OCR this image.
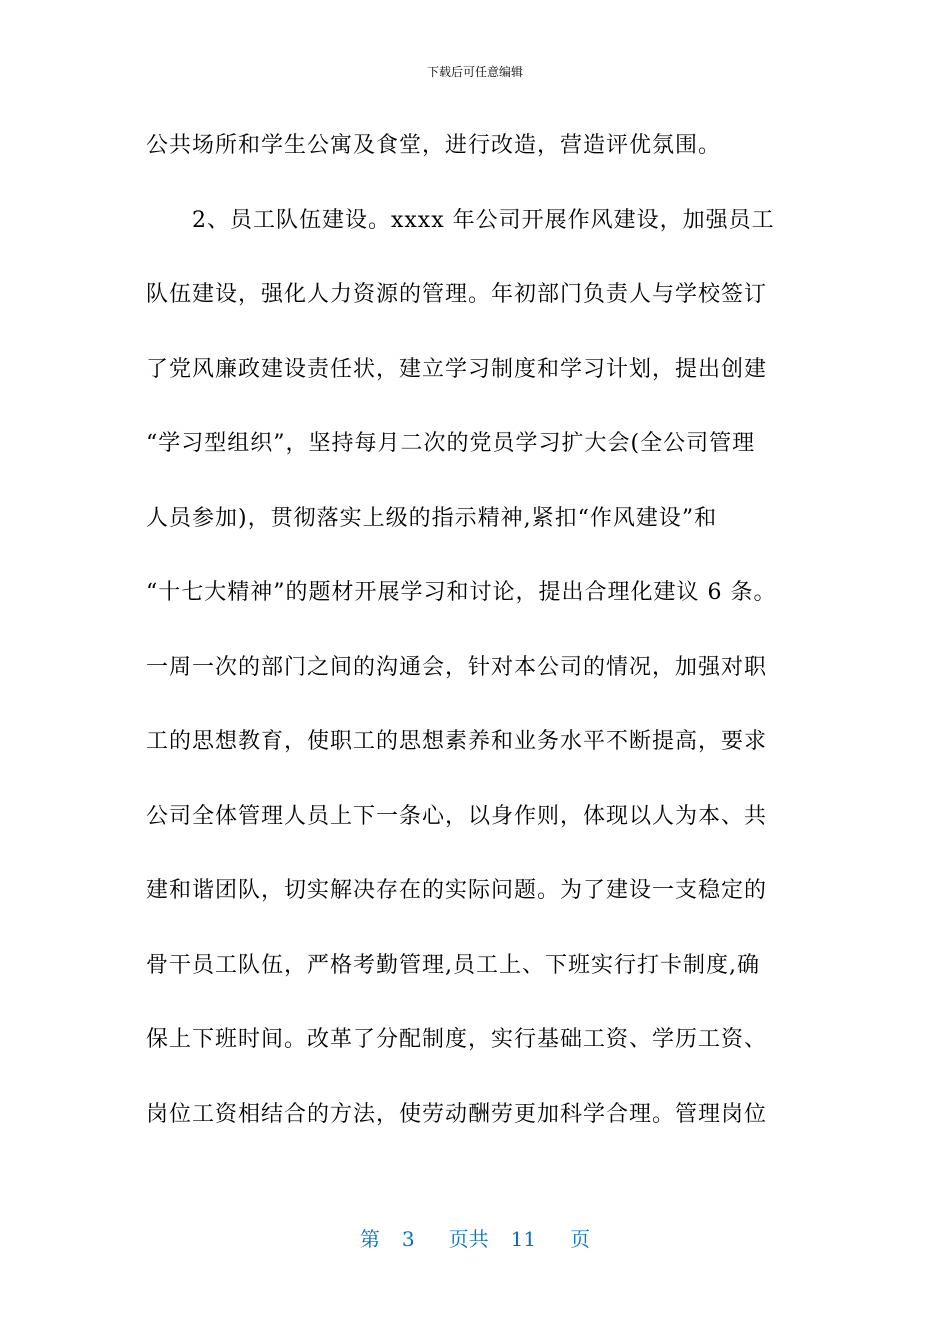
下载后可任意编辑
公共场所和学生公寓及食堂，进行改造，营造评优氛围。
　　2、员工队伍建设。xxxx 年公司开展作风建设，加强员工
队伍建设，强化人力资源的管理。年初部门负责人与学校签订
了党风廉政建设责任状，建立学习制度和学习计划，提出创建
“学习型组织”，坚持每月二次的党员学习扩大会(全公司管理
人员参加)，贯彻落实上级的指示精神,紧扣“作风建设”和
“十七大精神”的题材开展学习和讨论，提出合理化建议 6 条。
一周一次的部门之间的沟通会，针对本公司的情况，加强对职
工的思想教育，使职工的思想素养和业务水平不断提高，要求
公司全体管理人员上下一条心，以身作则，体现以人为本、共
建和谐团队，切实解决存在的实际问题。为了建设一支稳定的
骨干员工队伍，严格考勤管理,员工上、下班实行打卡制度,确
保上下班时间。改革了分配制度，实行基础工资、学历工资、
岗位工资相结合的方法，使劳动酬劳更加科学合理。管理岗位
第 3 页共 11 页
